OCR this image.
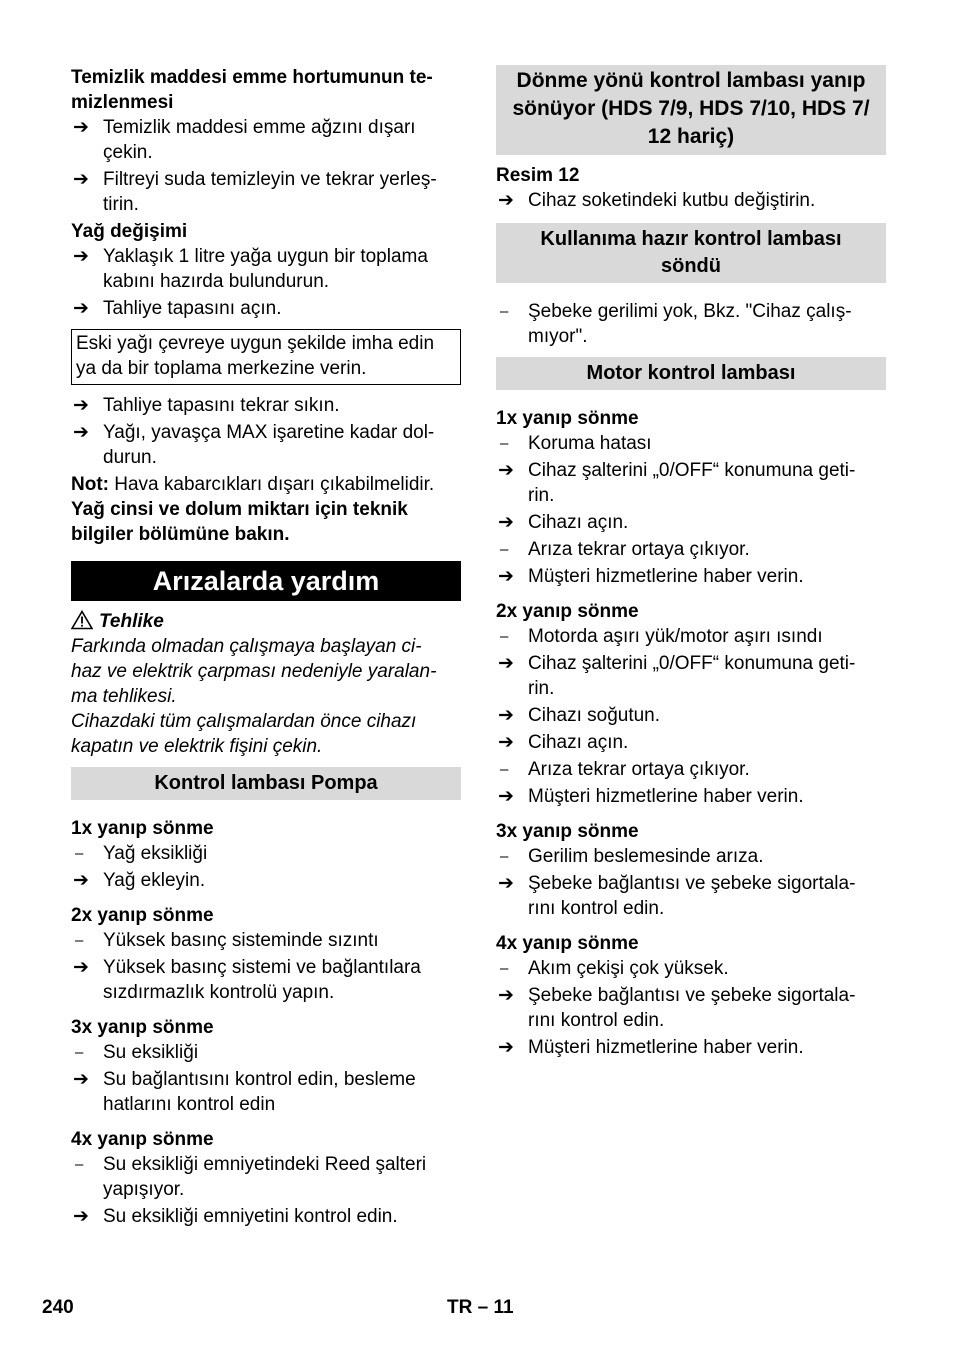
Temizlik maddesi emme hortumunun te-
mizlenmesi

➔ Temizlik maddesi emme ağzını dışarı
çekin.
➔ Filtreyi suda temizleyin ve tekrar yerleş-
tirin.

Yağ değişimi

➔ Yaklaşık 1 litre yağa uygun bir toplama
kabını hazırda bulundurun.
➔ Tahliye tapasını açın.
Eski yağı çevreye uygun şekilde imha edin
ya da bir toplama merkezine verin.
➔ Tahliye tapasını tekrar sıkın.
➔ Yağı, yavaşça MAX işaretine kadar dol-
durun.

Not: Hava kabarcıkları dışarı çıkabilmelidir.

Yağ cinsi ve dolum miktarı için teknik
bilgiler bölümüne bakın.

Arızalarda yardım

Tehlike
Farkında olmadan çalışmaya başlayan ci-
haz ve elektrik çarpması nedeniyle yaralan-
ma tehlikesi.
Cihazdaki tüm çalışmalardan önce cihazı
kapatın ve elektrik fişini çekin.

Kontrol lambası Pompa

1x yanıp sönme

–	Yağ eksikliği
➔ Yağ ekleyin.

2x yanıp sönme

–	Yüksek basınç sisteminde sızıntı
➔ Yüksek basınç sistemi ve bağlantılara
sızdırmazlık kontrolü yapın.

3x yanıp sönme

–	Su eksikliği
➔ Su bağlantısını kontrol edin, besleme
hatlarını kontrol edin

4x yanıp sönme

–	Su eksikliği emniyetindeki Reed şalteri
yapışıyor.
➔ Su eksikliği emniyetini kontrol edin.
Dönme yönü kontrol lambası yanıp
sönüyor (HDS 7/9, HDS 7/10, HDS 7/
12 hariç)

Resim 12

➔ Cihaz soketindeki kutbu değiştirin.
Kullanıma hazır kontrol lambası
söndü
–	Şebeke gerilimi yok, Bkz. "Cihaz çalış-
mıyor".
Motor kontrol lambası

1x yanıp sönme

–	Koruma hatası
➔ Cihaz şalterini „0/OFF“ konumuna geti-
rin.
➔ Cihazı açın.
–	Arıza tekrar ortaya çıkıyor.
➔ Müşteri hizmetlerine haber verin.

2x yanıp sönme

–	Motorda aşırı yük/motor aşırı ısındı
➔ Cihaz şalterini „0/OFF“ konumuna geti-
rin.
➔ Cihazı soğutun.
➔ Cihazı açın.
–	Arıza tekrar ortaya çıkıyor.
➔ Müşteri hizmetlerine haber verin.

3x yanıp sönme

–	Gerilim beslemesinde arıza.
➔ Şebeke bağlantısı ve şebeke sigortala-
rını kontrol edin.

4x yanıp sönme

–	Akım çekişi çok yüksek.
➔ Şebeke bağlantısı ve şebeke sigortala-
rını kontrol edin.
➔ Müşteri hizmetlerine haber verin.
240	TR – 11
